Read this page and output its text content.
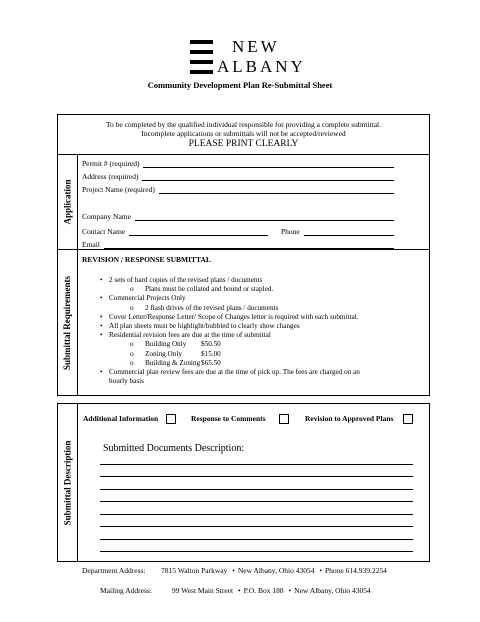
NEW
ALBANY
Community Development Plan Re-Submittal Sheet
To be completed by the qualified individual responsible for providing a complete submittal.
Incomplete applications or submittals will not be accepted/reviewed
PLEASE PRINT CLEARLY
Application
Submittal Requirements
Submittal Description
Permit # (required)
Address (required)
Project Name (required)
Company Name
Contact Name	Phone
Email
REVISION / RESPONSE SUBMITTAL
• 2 sets of hard copies of the revised plans / documents
o Plans must be collated and bound or stapled.
• Commercial Projects Only
o 2 flash drives of the revised plans / documents
• Cover Letter/Response Letter/ Scope of Changes letter is required with each submittal.
• All plan sheets must be highlight/bubbled to clearly show changes
• Residential revision fees are due at the time of submittal
o Building Only $50.50
o Zoning Only	$15.00
o Building & Zoning$65.50
• Commercial plan review fees are due at the time of pick up. The fees are charged on an
hourly basis
Additional Information	Response to Comments	Revision to Approved Plans
Submitted Documents Description:
Department Address: 7815 Walton Parkway • New Albany, Ohio 43054 • Phone 614.939.2254
Mailing Address:	99 West Main Street • P.O. Box 188 • New Albany, Ohio 43054
